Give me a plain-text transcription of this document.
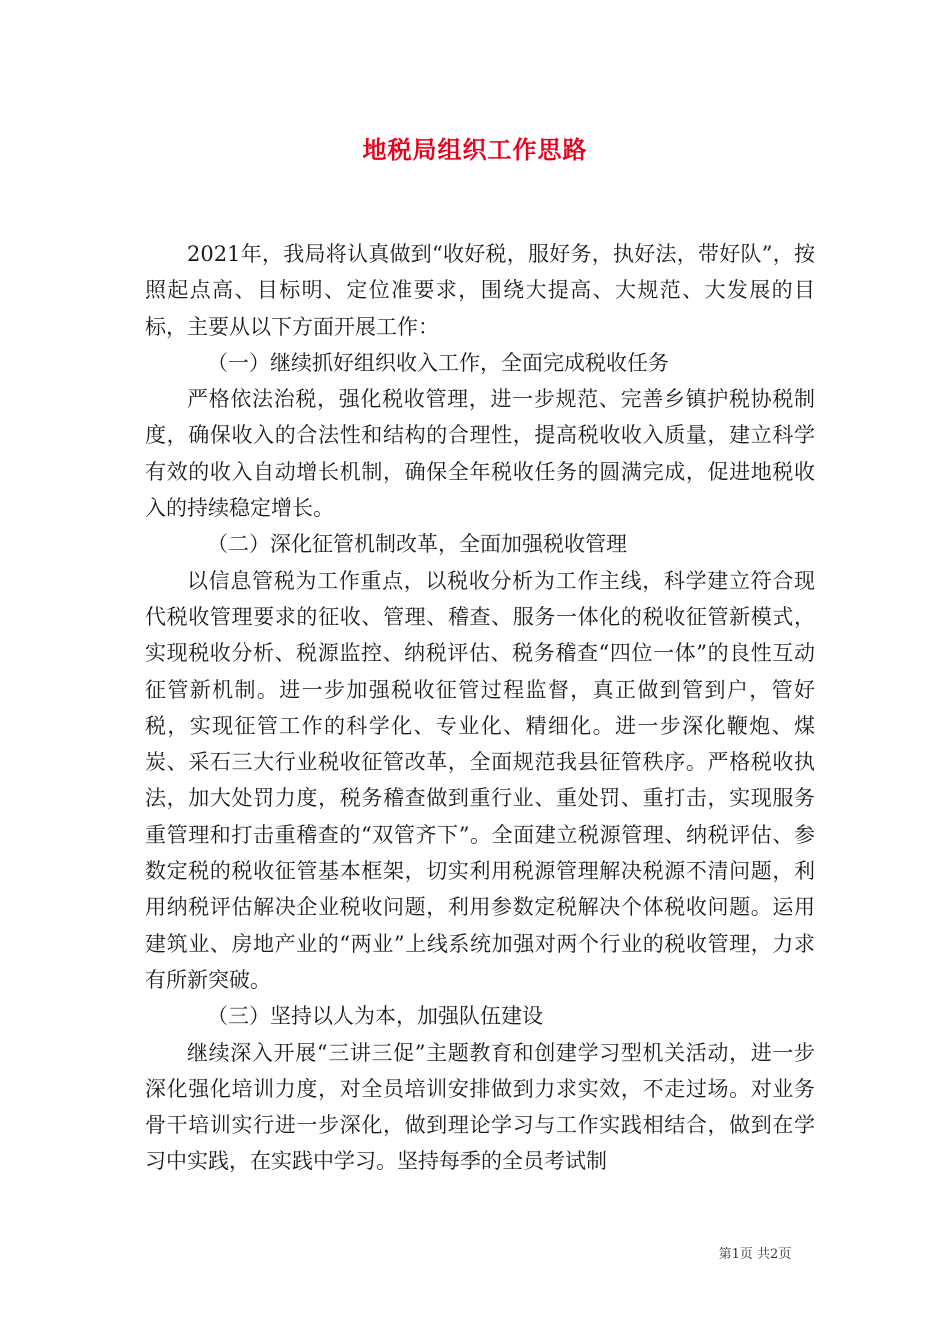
地税局组织工作思路

2021年，我局将认真做到“收好税，服好务，执好法，带好队”，按照起点高、目标明、定位准要求，围绕大提高、大规范、大发展的目标，主要从以下方面开展工作：

（一）继续抓好组织收入工作，全面完成税收任务

严格依法治税，强化税收管理，进一步规范、完善乡镇护税协税制度，确保收入的合法性和结构的合理性，提高税收收入质量，建立科学有效的收入自动增长机制，确保全年税收任务的圆满完成，促进地税收入的持续稳定增长。

（二）深化征管机制改革，全面加强税收管理

以信息管税为工作重点，以税收分析为工作主线，科学建立符合现代税收管理要求的征收、管理、稽查、服务一体化的税收征管新模式，实现税收分析、税源监控、纳税评估、税务稽查“四位一体”的良性互动征管新机制。进一步加强税收征管过程监督，真正做到管到户，管好税，实现征管工作的科学化、专业化、精细化。进一步深化鞭炮、煤炭、采石三大行业税收征管改革，全面规范我县征管秩序。严格税收执法，加大处罚力度，税务稽查做到重行业、重处罚、重打击，实现服务重管理和打击重稽查的“双管齐下”。全面建立税源管理、纳税评估、参数定税的税收征管基本框架，切实利用税源管理解决税源不清问题，利用纳税评估解决企业税收问题，利用参数定税解决个体税收问题。运用建筑业、房地产业的“两业”上线系统加强对两个行业的税收管理，力求有所新突破。

（三）坚持以人为本，加强队伍建设

继续深入开展“三讲三促”主题教育和创建学习型机关活动，进一步深化强化培训力度，对全员培训安排做到力求实效，不走过场。对业务骨干培训实行进一步深化，做到理论学习与工作实践相结合，做到在学习中实践，在实践中学习。坚持每季的全员考试制

第1页 共2页
